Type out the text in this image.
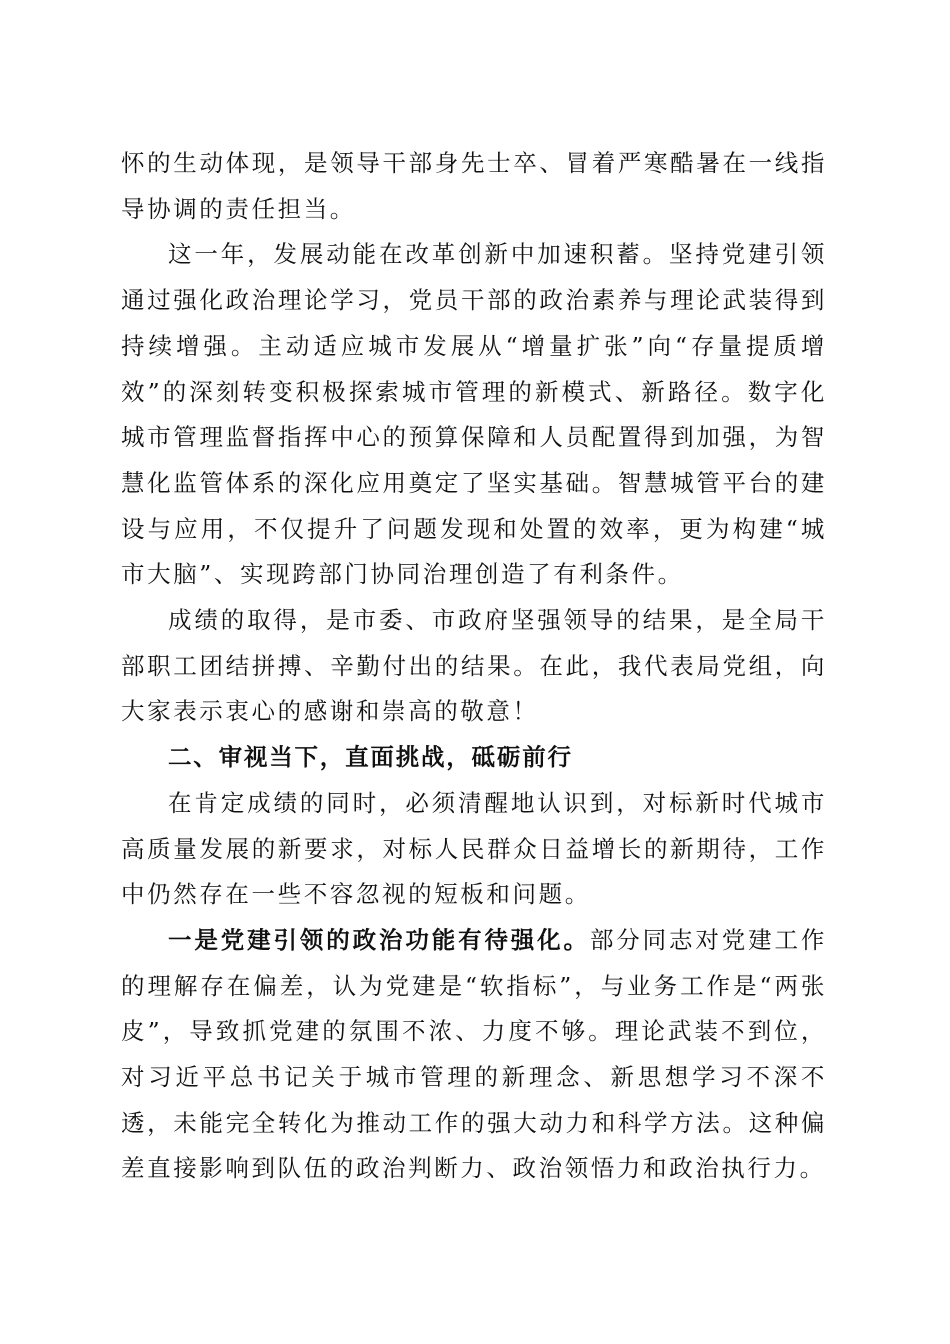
怀的生动体现，是领导干部身先士卒、冒着严寒酷暑在一线指导协调的责任担当。

这一年，发展动能在改革创新中加速积蓄。坚持党建引领通过强化政治理论学习，党员干部的政治素养与理论武装得到持续增强。主动适应城市发展从“增量扩张”向“存量提质增效”的深刻转变积极探索城市管理的新模式、新路径。数字化城市管理监督指挥中心的预算保障和人员配置得到加强，为智慧化监管体系的深化应用奠定了坚实基础。智慧城管平台的建设与应用，不仅提升了问题发现和处置的效率，更为构建“城市大脑”、实现跨部门协同治理创造了有利条件。

成绩的取得，是市委、市政府坚强领导的结果，是全局干部职工团结拼搏、辛勤付出的结果。在此，我代表局党组，向大家表示衷心的感谢和崇高的敬意！

二、审视当下，直面挑战，砥砺前行

在肯定成绩的同时，必须清醒地认识到，对标新时代城市高质量发展的新要求，对标人民群众日益增长的新期待，工作中仍然存在一些不容忽视的短板和问题。

一是党建引领的政治功能有待强化。部分同志对党建工作的理解存在偏差，认为党建是“软指标”，与业务工作是“两张皮”，导致抓党建的氛围不浓、力度不够。理论武装不到位，对习近平总书记关于城市管理的新理念、新思想学习不深不透，未能完全转化为推动工作的强大动力和科学方法。这种偏差直接影响到队伍的政治判断力、政治领悟力和政治执行力。
